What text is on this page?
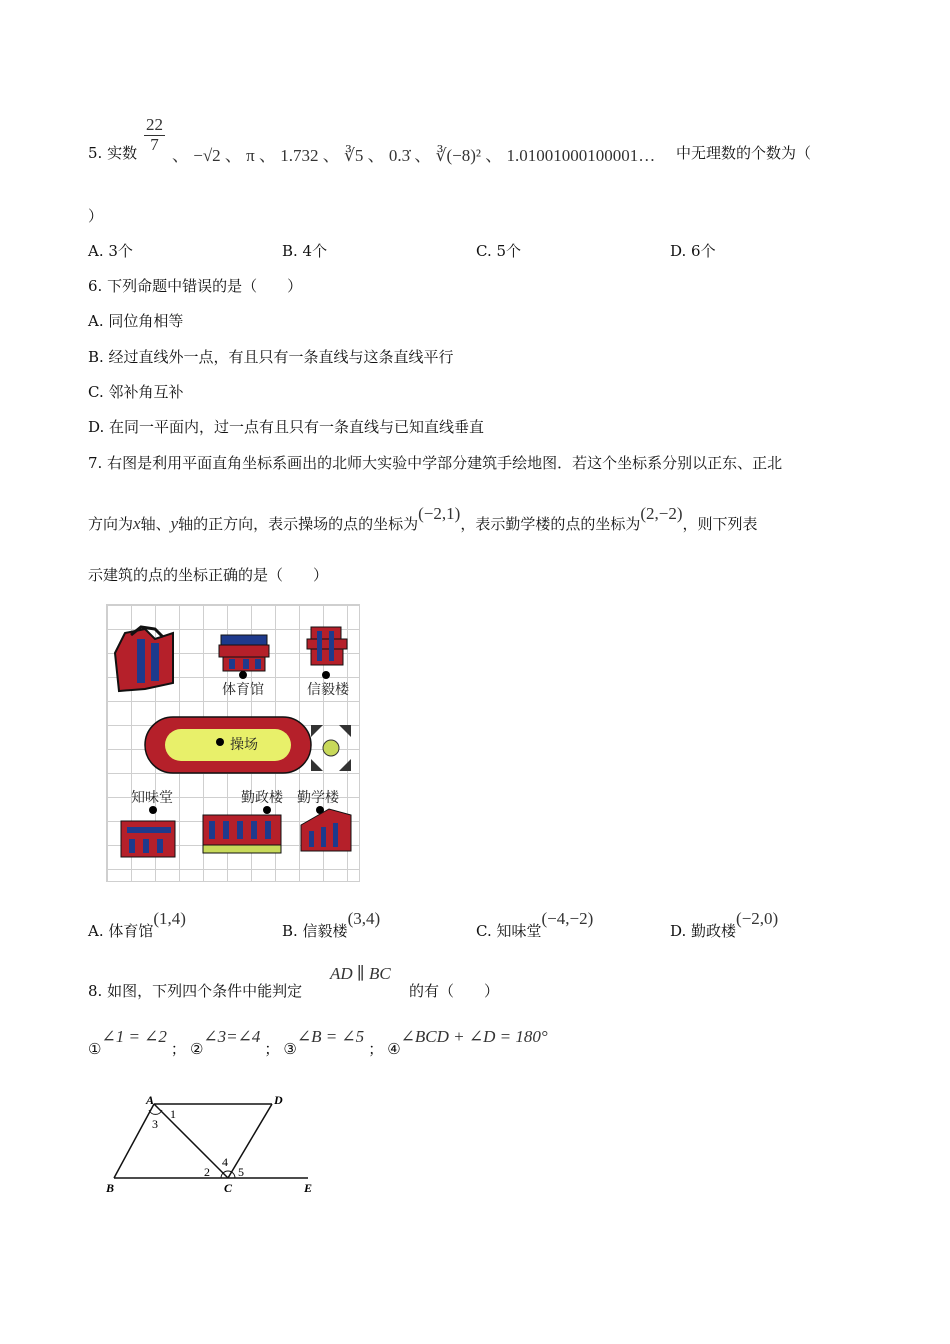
5. 实数 $\frac{22}{7}$
、 −√2 、 π 、 1.732 、 ∛5 、 0.3̇ 、 ∛(−8)² 、 1.01001000100001… 中无理数的个数为（
）
A. 3个	B. 4个	C. 5个	D. 6个
6. 下列命题中错误的是（　　）
A. 同位角相等
B. 经过直线外一点，有且只有一条直线与这条直线平行
C. 邻补角互补
D. 在同一平面内，过一点有且只有一条直线与已知直线垂直
7. 右图是利用平面直角坐标系画出的北师大实验中学部分建筑手绘地图．若这个坐标系分别以正东、正北
方向为x轴、y轴的正方向，表示操场的点的坐标为(−2,1)，表示勤学楼的点的坐标为(2,−2)，则下列表
示建筑的点的坐标正确的是（　　）
体育馆	信毅楼
操场
知味堂	勤政楼 勤学楼
A. 体育馆(1,4)
B. 信毅楼(3,4)
C. 知味堂(−4,−2)
D. 勤政楼(−2,0)
8. 如图，下列四个条件中能判定
AD ∥ BC
的有（　　）
①∠1 = ∠2； ②∠3=∠4； ③∠B = ∠5； ④∠BCD + ∠D = 180°
A	D
B	C	E
1
3
2
4
5
